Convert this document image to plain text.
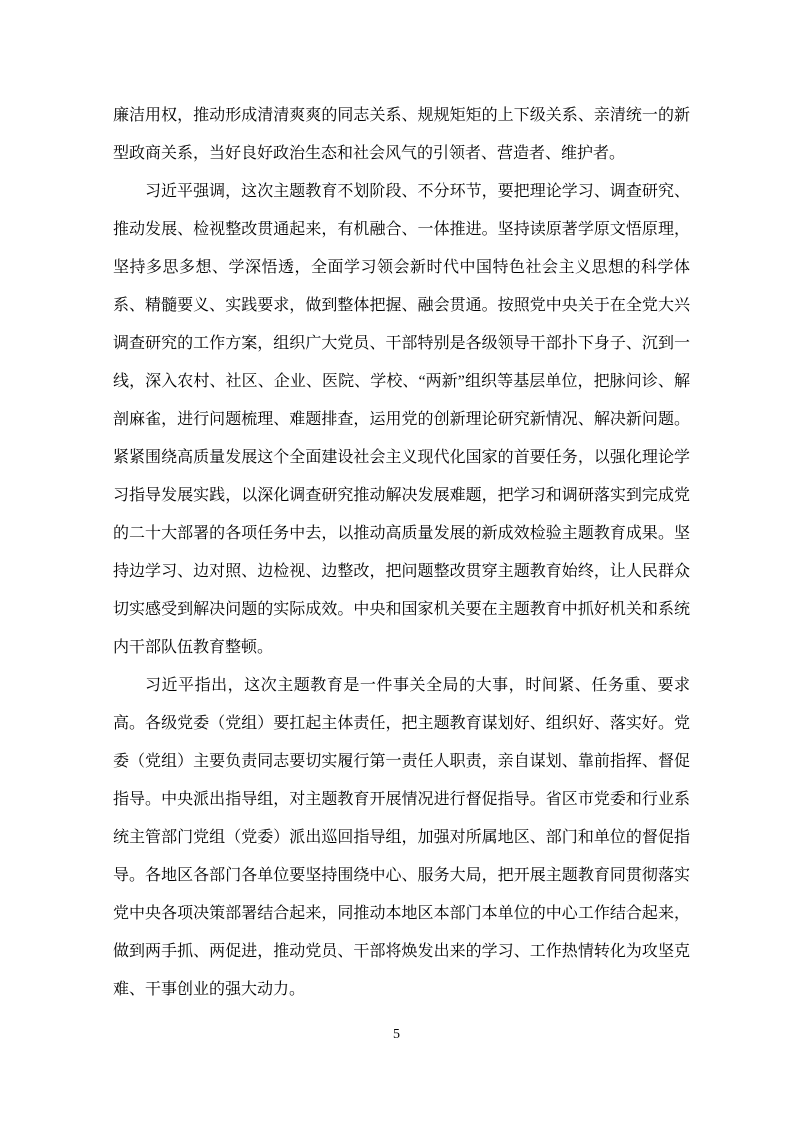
廉洁用权，推动形成清清爽爽的同志关系、规规矩矩的上下级关系、亲清统一的新型政商关系，当好良好政治生态和社会风气的引领者、营造者、维护者。

习近平强调，这次主题教育不划阶段、不分环节，要把理论学习、调查研究、推动发展、检视整改贯通起来，有机融合、一体推进。坚持读原著学原文悟原理，坚持多思多想、学深悟透，全面学习领会新时代中国特色社会主义思想的科学体系、精髓要义、实践要求，做到整体把握、融会贯通。按照党中央关于在全党大兴调查研究的工作方案，组织广大党员、干部特别是各级领导干部扑下身子、沉到一线，深入农村、社区、企业、医院、学校、“两新”组织等基层单位，把脉问诊、解剖麻雀，进行问题梳理、难题排查，运用党的创新理论研究新情况、解决新问题。紧紧围绕高质量发展这个全面建设社会主义现代化国家的首要任务，以强化理论学习指导发展实践，以深化调查研究推动解决发展难题，把学习和调研落实到完成党的二十大部署的各项任务中去，以推动高质量发展的新成效检验主题教育成果。坚持边学习、边对照、边检视、边整改，把问题整改贯穿主题教育始终，让人民群众切实感受到解决问题的实际成效。中央和国家机关要在主题教育中抓好机关和系统内干部队伍教育整顿。

习近平指出，这次主题教育是一件事关全局的大事，时间紧、任务重、要求高。各级党委（党组）要扛起主体责任，把主题教育谋划好、组织好、落实好。党委（党组）主要负责同志要切实履行第一责任人职责，亲自谋划、靠前指挥、督促指导。中央派出指导组，对主题教育开展情况进行督促指导。省区市党委和行业系统主管部门党组（党委）派出巡回指导组，加强对所属地区、部门和单位的督促指导。各地区各部门各单位要坚持围绕中心、服务大局，把开展主题教育同贯彻落实党中央各项决策部署结合起来，同推动本地区本部门本单位的中心工作结合起来，做到两手抓、两促进，推动党员、干部将焕发出来的学习、工作热情转化为攻坚克难、干事创业的强大动力。

5
